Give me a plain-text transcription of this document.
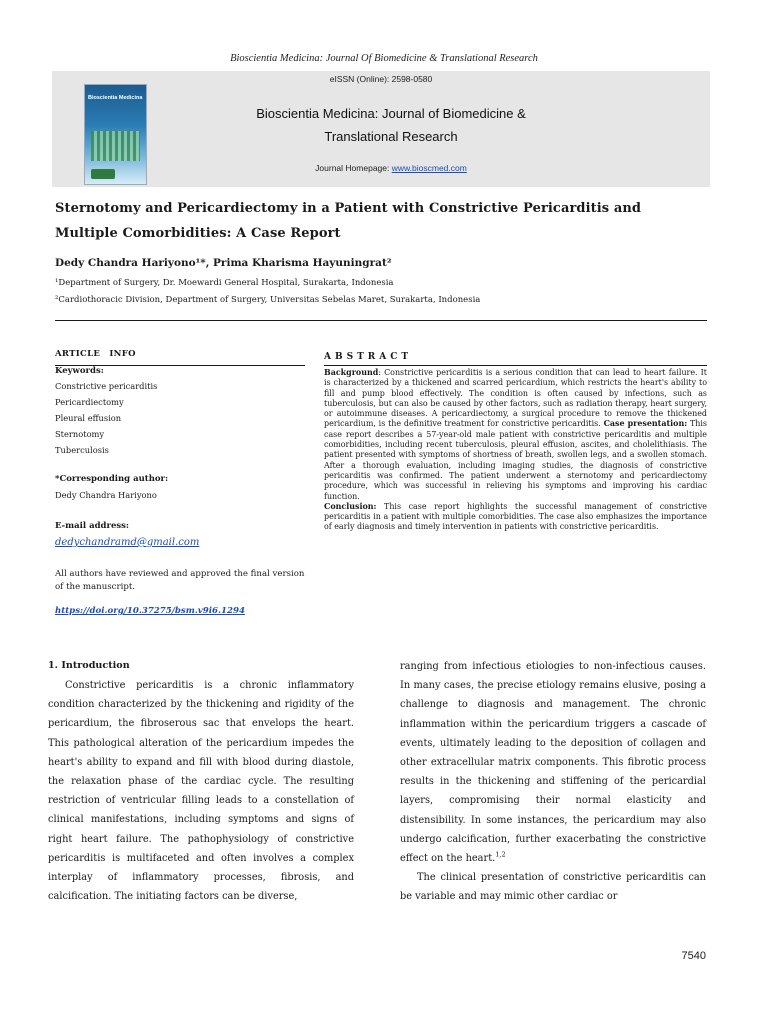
Bioscientia Medicina: Journal Of Biomedicine & Translational Research
eISSN (Online): 2598-0580
Bioscientia Medicina
Bioscientia Medicina: Journal of Biomedicine &
Translational Research
Journal Homepage: www.bioscmed.com
Sternotomy and Pericardiectomy in a Patient with Constrictive Pericarditis and
Multiple Comorbidities: A Case Report
Dedy Chandra Hariyono¹*, Prima Kharisma Hayuningrat²
¹Department of Surgery, Dr. Moewardi General Hospital, Surakarta, Indonesia
²Cardiothoracic Division, Department of Surgery, Universitas Sebelas Maret, Surakarta, Indonesia
ARTICLE INFO
Keywords:
Constrictive pericarditis
Pericardiectomy
Pleural effusion
Sternotomy
Tuberculosis
*Corresponding author:
Dedy Chandra Hariyono
E-mail address:
dedychandramd@gmail.com
All authors have reviewed and approved the final version of the manuscript.
https://doi.org/10.37275/bsm.v9i6.1294
ABSTRACT

Background: Constrictive pericarditis is a serious condition that can lead to heart failure. It is characterized by a thickened and scarred pericardium, which restricts the heart's ability to fill and pump blood effectively. The condition is often caused by infections, such as tuberculosis, but can also be caused by other factors, such as radiation therapy, heart surgery, or autoimmune diseases. A pericardiectomy, a surgical procedure to remove the thickened pericardium, is the definitive treatment for constrictive pericarditis. Case presentation: This case report describes a 57-year-old male patient with constrictive pericarditis and multiple comorbidities, including recent tuberculosis, pleural effusion, ascites, and cholelithiasis. The patient presented with symptoms of shortness of breath, swollen legs, and a swollen stomach. After a thorough evaluation, including imaging studies, the diagnosis of constrictive pericarditis was confirmed. The patient underwent a sternotomy and pericardiectomy procedure, which was successful in relieving his symptoms and improving his cardiac function.

Conclusion: This case report highlights the successful management of constrictive pericarditis in a patient with multiple comorbidities. The case also emphasizes the importance of early diagnosis and timely intervention in patients with constrictive pericarditis.

1. Introduction

Constrictive pericarditis is a chronic inflammatory condition characterized by the thickening and rigidity of the pericardium, the fibroserous sac that envelops the heart. This pathological alteration of the pericardium impedes the heart's ability to expand and fill with blood during diastole, the relaxation phase of the cardiac cycle. The resulting restriction of ventricular filling leads to a constellation of clinical manifestations, including symptoms and signs of right heart failure. The pathophysiology of constrictive pericarditis is multifaceted and often involves a complex interplay of inflammatory processes, fibrosis, and calcification. The initiating factors can be diverse,

ranging from infectious etiologies to non-infectious causes. In many cases, the precise etiology remains elusive, posing a challenge to diagnosis and management. The chronic inflammation within the pericardium triggers a cascade of events, ultimately leading to the deposition of collagen and other extracellular matrix components. This fibrotic process results in the thickening and stiffening of the pericardial layers, compromising their normal elasticity and distensibility. In some instances, the pericardium may also undergo calcification, further exacerbating the constrictive effect on the heart.$^{1,2}$

The clinical presentation of constrictive pericarditis can be variable and may mimic other cardiac or

7540
